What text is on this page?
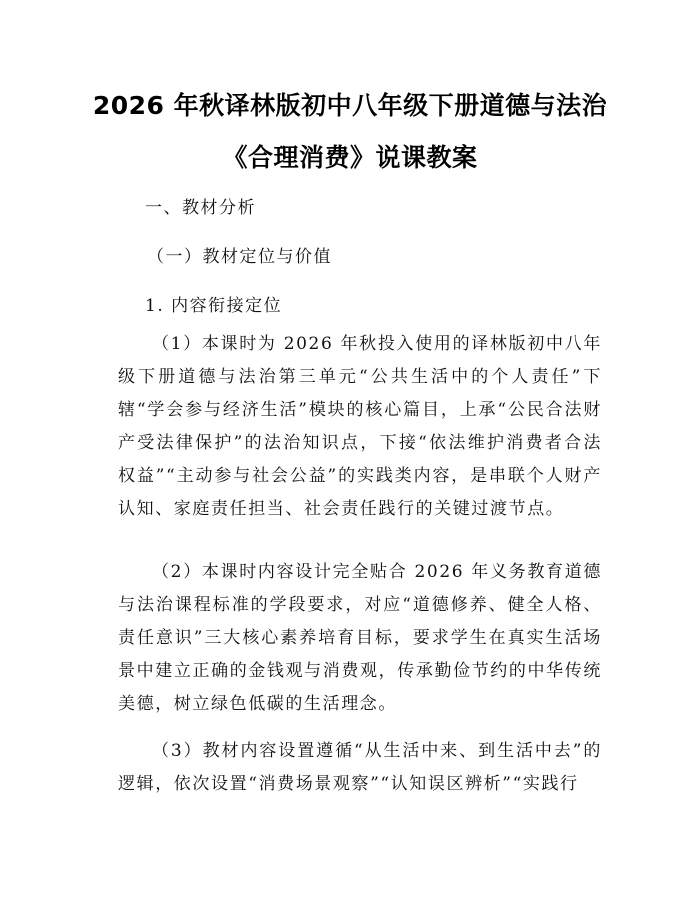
2026 年秋译林版初中八年级下册道德与法治
《合理消费》说课教案
一、教材分析
（一）教材定位与价值
1. 内容衔接定位
（1）本课时为 2026 年秋投入使用的译林版初中八年级下册道德与法治第三单元“公共生活中的个人责任”下辖“学会参与经济生活”模块的核心篇目，上承“公民合法财产受法律保护”的法治知识点，下接“依法维护消费者合法权益”“主动参与社会公益”的实践类内容，是串联个人财产认知、家庭责任担当、社会责任践行的关键过渡节点。
（2）本课时内容设计完全贴合 2026 年义务教育道德与法治课程标准的学段要求，对应“道德修养、健全人格、责任意识”三大核心素养培育目标，要求学生在真实生活场景中建立正确的金钱观与消费观，传承勤俭节约的中华传统美德，树立绿色低碳的生活理念。
（3）教材内容设置遵循“从生活中来、到生活中去”的逻辑，依次设置“消费场景观察”“认知误区辨析”“实践行
